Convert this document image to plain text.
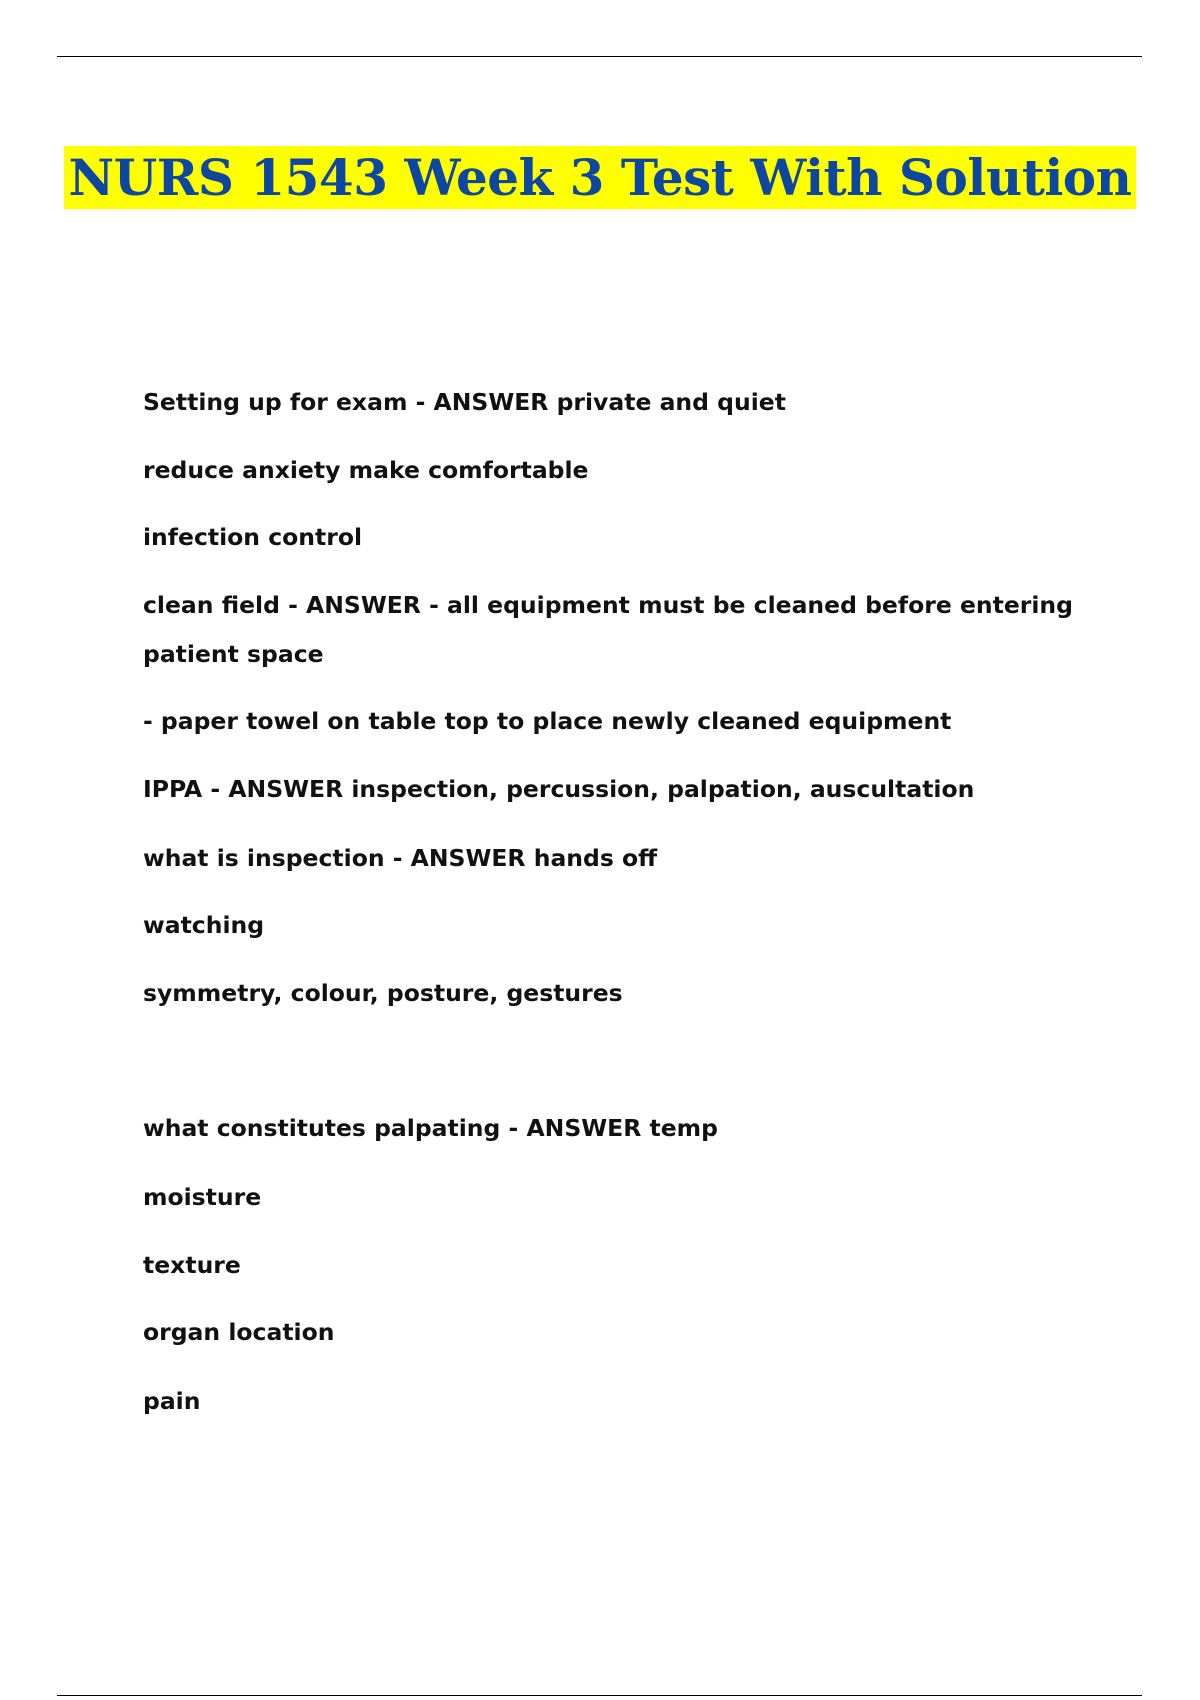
NURS 1543 Week 3 Test With Solution

Setting up for exam - ANSWER private and quiet

reduce anxiety make comfortable

infection control

clean field - ANSWER - all equipment must be cleaned before entering

patient space

- paper towel on table top to place newly cleaned equipment

IPPA - ANSWER inspection, percussion, palpation, auscultation

what is inspection - ANSWER hands off

watching

symmetry, colour, posture, gestures

what constitutes palpating - ANSWER temp

moisture

texture

organ location

pain
